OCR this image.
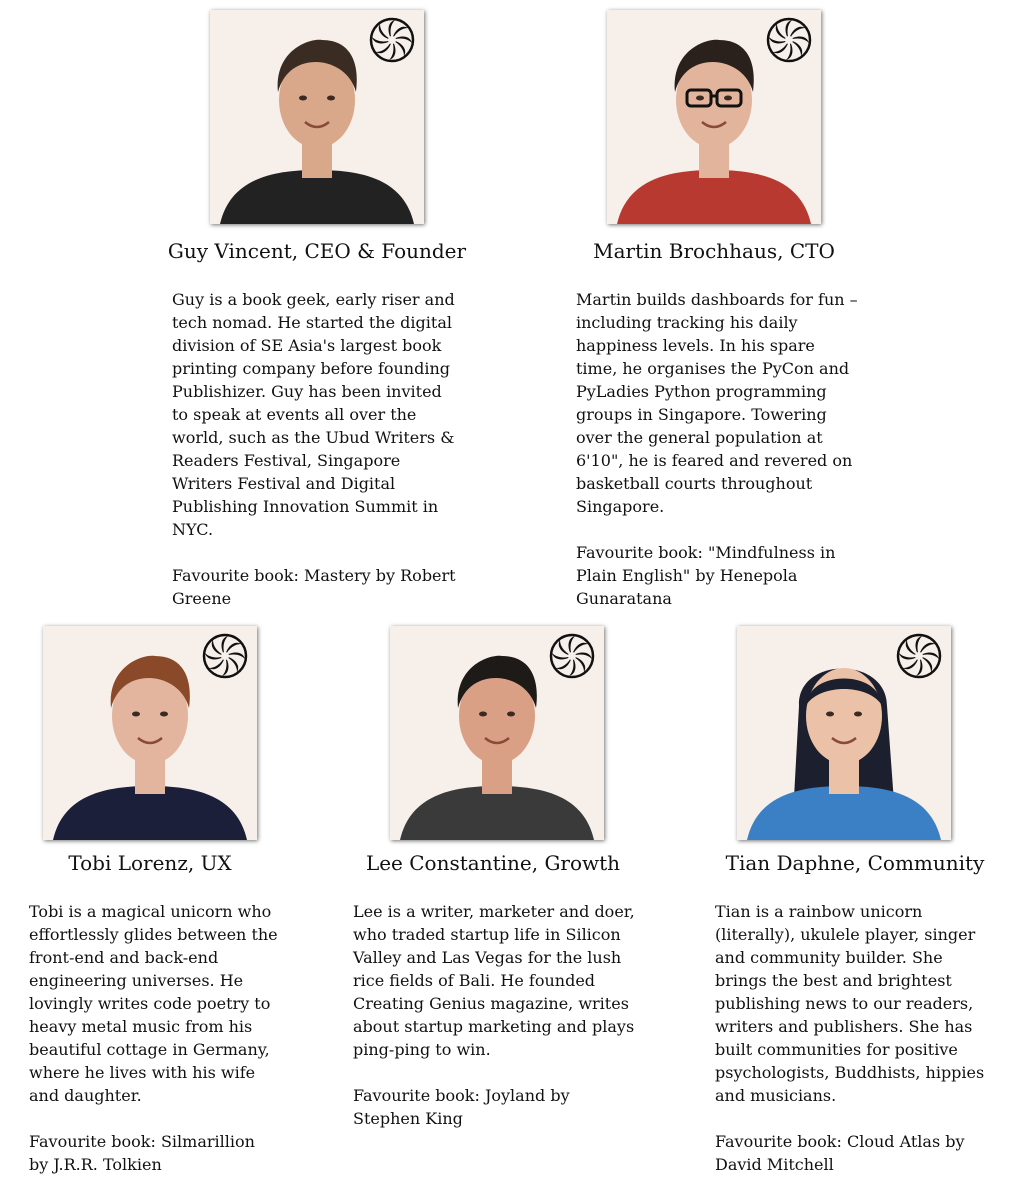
Guy Vincent, CEO & Founder

Guy is a book geek, early riser and tech nomad. He started the digital division of SE Asia's largest book printing company before founding Publishizer. Guy has been invited to speak at events all over the world, such as the Ubud Writers & Readers Festival, Singapore Writers Festival and Digital Publishing Innovation Summit in NYC.

Favourite book: Mastery by Robert Greene

Martin Brochhaus, CTO

Martin builds dashboards for fun – including tracking his daily happiness levels. In his spare time, he organises the PyCon and PyLadies Python programming groups in Singapore. Towering over the general population at 6'10", he is feared and revered on basketball courts throughout Singapore.

Favourite book: "Mindfulness in Plain English" by Henepola Gunaratana

Tobi Lorenz, UX

Tobi is a magical unicorn who effortlessly glides between the front-end and back-end engineering universes. He lovingly writes code poetry to heavy metal music from his beautiful cottage in Germany, where he lives with his wife and daughter.

Favourite book: Silmarillion by J.R.R. Tolkien

Lee Constantine, Growth

Lee is a writer, marketer and doer, who traded startup life in Silicon Valley and Las Vegas for the lush rice fields of Bali. He founded Creating Genius magazine, writes about startup marketing and plays ping-ping to win.

Favourite book: Joyland by Stephen King

Tian Daphne, Community

Tian is a rainbow unicorn (literally), ukulele player, singer and community builder. She brings the best and brightest publishing news to our readers, writers and publishers. She has built communities for positive psychologists, Buddhists, hippies and musicians.

Favourite book: Cloud Atlas by David Mitchell
